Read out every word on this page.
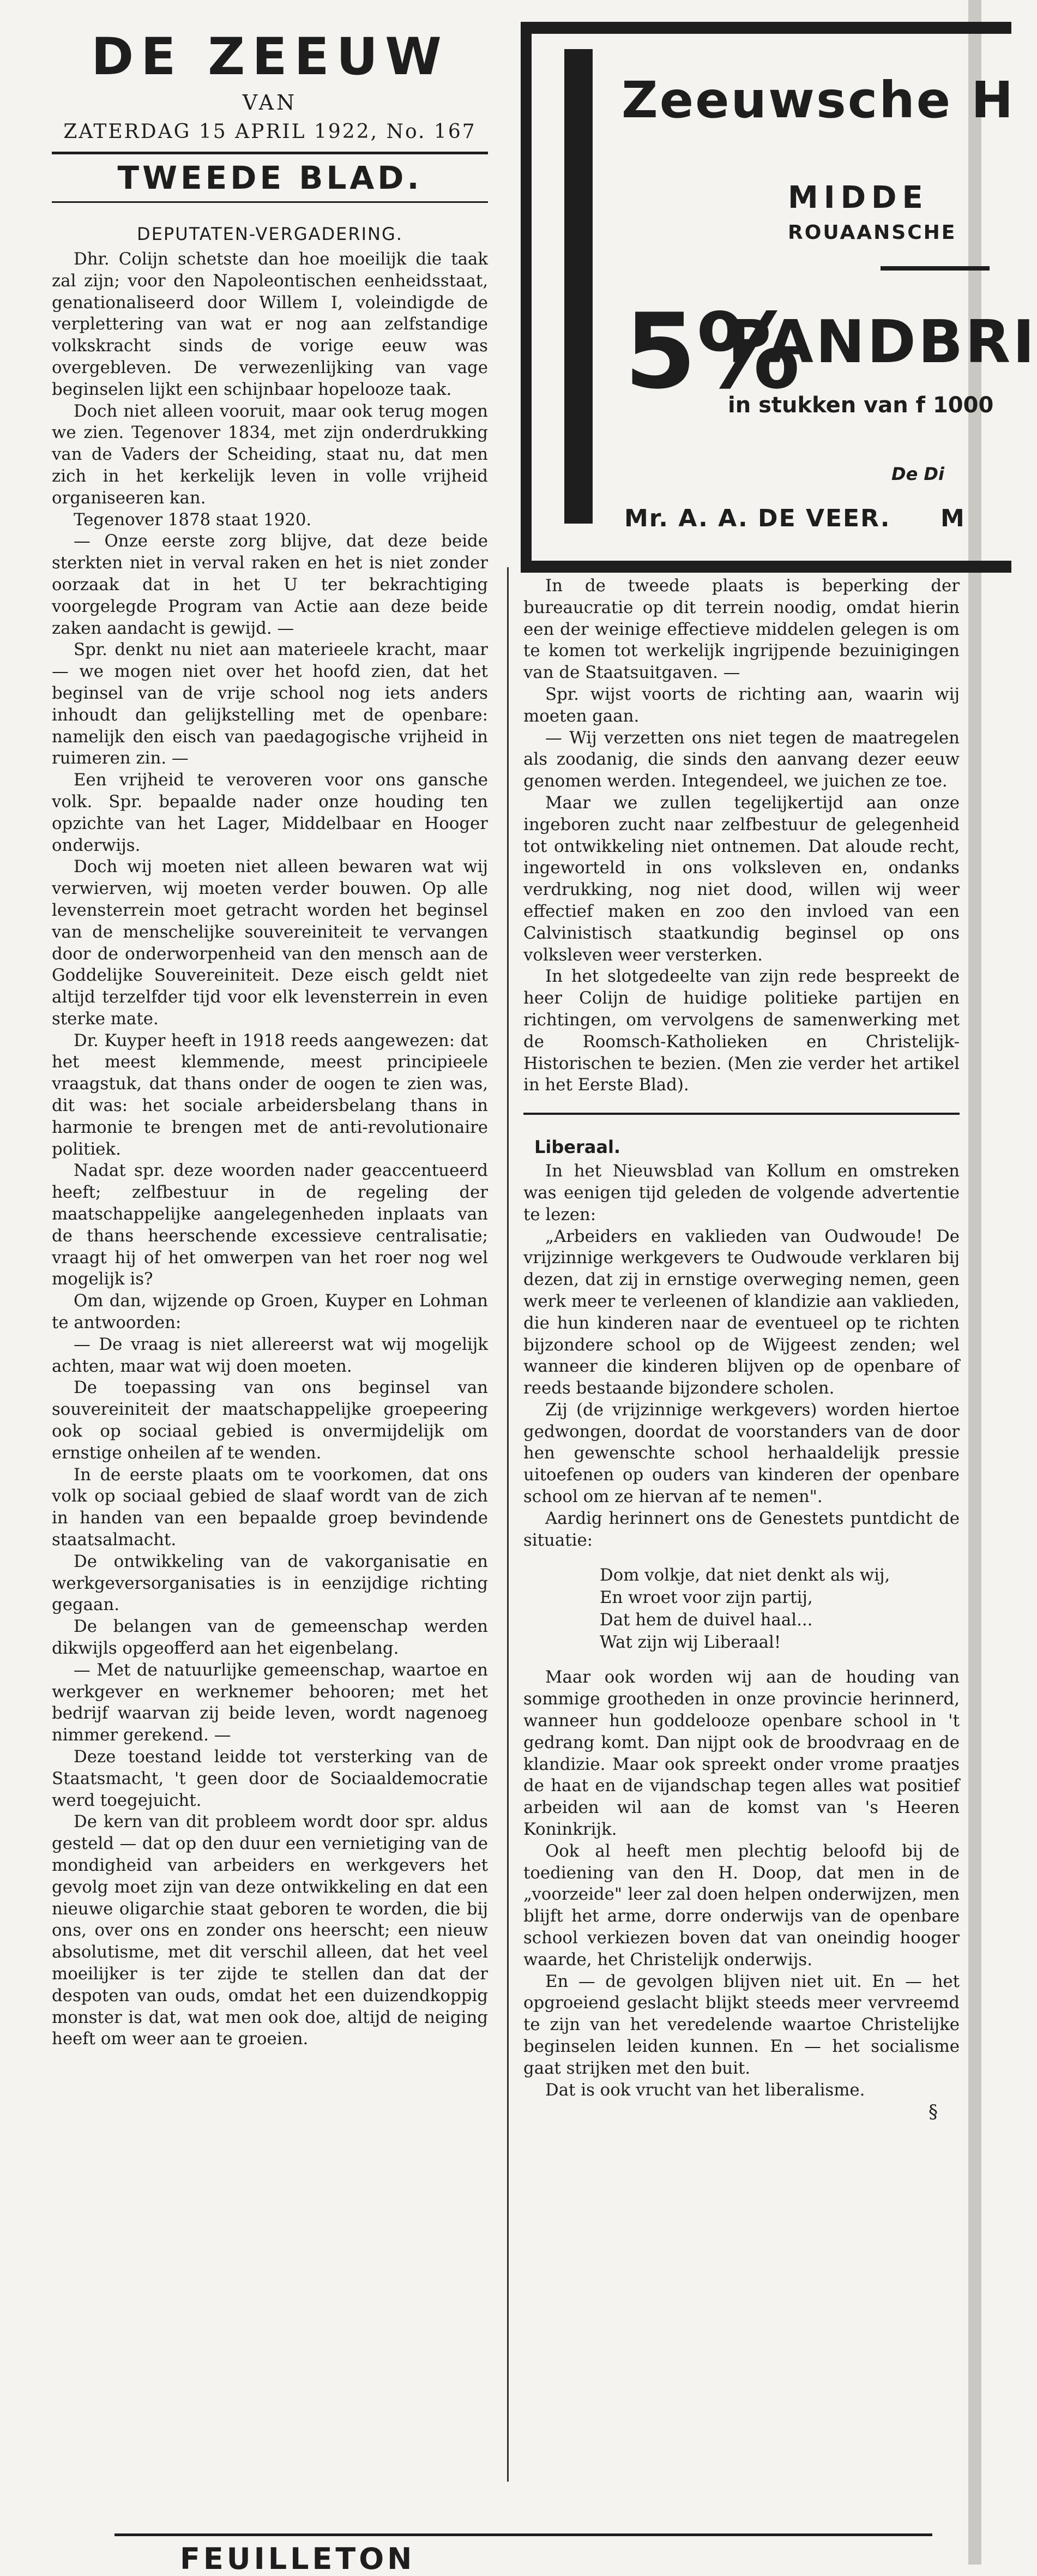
DE ZEEUW
VAN
ZATERDAG 15 APRIL 1922, No. 167
TWEEDE BLAD.
DEPUTATEN-VERGADERING.

Dhr. Colijn schetste dan hoe moeilijk die taak zal zijn; voor den Napoleontischen eenheidsstaat, genationaliseerd door Willem I, voleindigde de verplettering van wat er nog aan zelfstandige volkskracht sinds de vorige eeuw was overgebleven. De verwezenlijking van vage beginselen lijkt een schijnbaar hopelooze taak.

Doch niet alleen vooruit, maar ook terug mogen we zien. Tegenover 1834, met zijn onderdrukking van de Vaders der Scheiding, staat nu, dat men zich in het kerkelijk leven in volle vrijheid organiseeren kan.

Tegenover 1878 staat 1920.

— Onze eerste zorg blijve, dat deze beide sterkten niet in verval raken en het is niet zonder oorzaak dat in het U ter bekrachtiging voorgelegde Program van Actie aan deze beide zaken aandacht is gewijd. —

Spr. denkt nu niet aan materieele kracht, maar — we mogen niet over het hoofd zien, dat het beginsel van de vrije school nog iets anders inhoudt dan gelijkstelling met de openbare: namelijk den eisch van paedagogische vrijheid in ruimeren zin. —

Een vrijheid te veroveren voor ons gansche volk. Spr. bepaalde nader onze houding ten opzichte van het Lager, Middelbaar en Hooger onderwijs.

Doch wij moeten niet alleen bewaren wat wij verwierven, wij moeten verder bouwen. Op alle levensterrein moet getracht worden het beginsel van de menschelijke souvereiniteit te vervangen door de onderworpenheid van den mensch aan de Goddelijke Souvereiniteit. Deze eisch geldt niet altijd terzelfder tijd voor elk levensterrein in even sterke mate.

Dr. Kuyper heeft in 1918 reeds aangewezen: dat het meest klemmende, meest principieele vraagstuk, dat thans onder de oogen te zien was, dit was: het sociale arbeidersbelang thans in harmonie te brengen met de anti-revolutionaire politiek.

Nadat spr. deze woorden nader geaccentueerd heeft; zelfbestuur in de regeling der maatschappelijke aangelegenheden inplaats van de thans heerschende excessieve centralisatie; vraagt hij of het omwerpen van het roer nog wel mogelijk is?

Om dan, wijzende op Groen, Kuyper en Lohman te antwoorden:

— De vraag is niet allereerst wat wij mogelijk achten, maar wat wij doen moeten.

De toepassing van ons beginsel van souvereiniteit der maatschappelijke groepeering ook op sociaal gebied is onvermijdelijk om ernstige onheilen af te wenden.

In de eerste plaats om te voorkomen, dat ons volk op sociaal gebied de slaaf wordt van de zich in handen van een bepaalde groep bevindende staatsalmacht.

De ontwikkeling van de vakorganisatie en werkgeversorganisaties is in eenzijdige richting gegaan.

De belangen van de gemeenschap werden dikwijls opgeofferd aan het eigenbelang.

— Met de natuurlijke gemeenschap, waartoe en werkgever en werknemer behooren; met het bedrijf waarvan zij beide leven, wordt nagenoeg nimmer gerekend. —

Deze toestand leidde tot versterking van de Staatsmacht, 't geen door de Sociaaldemocratie werd toegejuicht.

De kern van dit probleem wordt door spr. aldus gesteld — dat op den duur een vernietiging van de mondigheid van arbeiders en werkgevers het gevolg moet zijn van deze ontwikkeling en dat een nieuwe oligarchie staat geboren te worden, die bij ons, over ons en zonder ons heerscht; een nieuw absolutisme, met dit verschil alleen, dat het veel moeilijker is ter zijde te stellen dan dat der despoten van ouds, omdat het een duizendkoppig monster is dat, wat men ook doe, altijd de neiging heeft om weer aan te groeien.

Zeeuwsche H
MIDDE
ROUAANSCHE
5%
PANDBRI
in stukken van f 1000
De Di
Mr. A. A. DE VEER. M

In de tweede plaats is beperking der bureaucratie op dit terrein noodig, omdat hierin een der weinige effectieve middelen gelegen is om te komen tot werkelijk ingrijpende bezuinigingen van de Staatsuitgaven. —

Spr. wijst voorts de richting aan, waarin wij moeten gaan.

— Wij verzetten ons niet tegen de maatregelen als zoodanig, die sinds den aanvang dezer eeuw genomen werden. Integendeel, we juichen ze toe.

Maar we zullen tegelijkertijd aan onze ingeboren zucht naar zelfbestuur de gelegenheid tot ontwikkeling niet ontnemen. Dat aloude recht, ingeworteld in ons volksleven en, ondanks verdrukking, nog niet dood, willen wij weer effectief maken en zoo den invloed van een Calvinistisch staatkundig beginsel op ons volksleven weer versterken.

In het slotgedeelte van zijn rede bespreekt de heer Colijn de huidige politieke partijen en richtingen, om vervolgens de samenwerking met de Roomsch-Katholieken en Christelijk-Historischen te bezien. (Men zie verder het artikel in het Eerste Blad).

Liberaal.

In het Nieuwsblad van Kollum en omstreken was eenigen tijd geleden de volgende advertentie te lezen:

„Arbeiders en vaklieden van Oudwoude! De vrijzinnige werkgevers te Oudwoude verklaren bij dezen, dat zij in ernstige overweging nemen, geen werk meer te verleenen of klandizie aan vaklieden, die hun kinderen naar de eventueel op te richten bijzondere school op de Wijgeest zenden; wel wanneer die kinderen blijven op de openbare of reeds bestaande bijzondere scholen.

Zij (de vrijzinnige werkgevers) worden hiertoe gedwongen, doordat de voorstanders van de door hen gewenschte school herhaaldelijk pressie uitoefenen op ouders van kinderen der openbare school om ze hiervan af te nemen".

Aardig herinnert ons de Genestets puntdicht de situatie:

Dom volkje, dat niet denkt als wij,
En wroet voor zijn partij,
Dat hem de duivel haal...
Wat zijn wij Liberaal!

Maar ook worden wij aan de houding van sommige grootheden in onze provincie herinnerd, wanneer hun goddelooze openbare school in 't gedrang komt. Dan nijpt ook de broodvraag en de klandizie. Maar ook spreekt onder vrome praatjes de haat en de vijandschap tegen alles wat positief arbeiden wil aan de komst van 's Heeren Koninkrijk.

Ook al heeft men plechtig beloofd bij de toediening van den H. Doop, dat men in de „voorzeide" leer zal doen helpen onderwijzen, men blijft het arme, dorre onderwijs van de openbare school verkiezen boven dat van oneindig hooger waarde, het Christelijk onderwijs.

En — de gevolgen blijven niet uit. En — het opgroeiend geslacht blijkt steeds meer vervreemd te zijn van het veredelende waartoe Christelijke beginselen leiden kunnen. En — het socialisme gaat strijken met den buit.

Dat is ook vrucht van het liberalisme.

§
FEUILLETON
